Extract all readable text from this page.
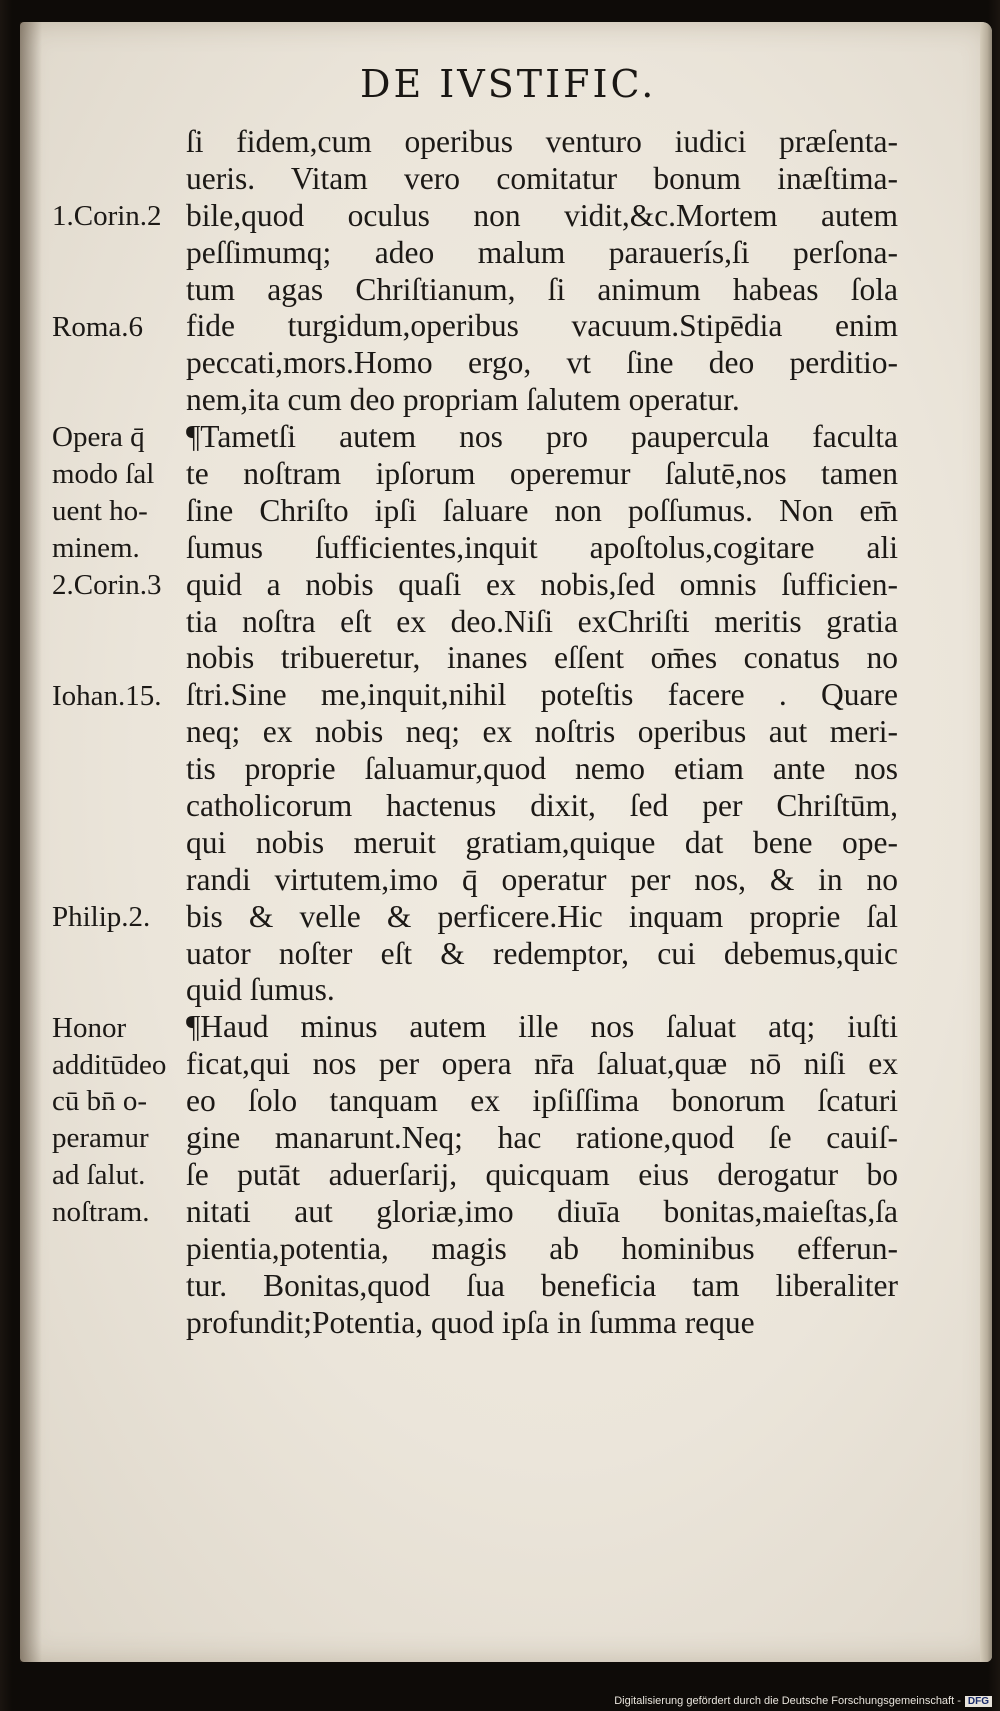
DE IVSTIFIC.
ſi fidem,cum operibus venturo iudici præſenta-
ueris. Vitam vero comitatur bonum inæſtima-
bile,quod oculus non vidit,&c.Mortem autem
peſſimumq; adeo malum parauerís,ſi perſona-
tum agas Chriſtianum, ſi animum habeas ſola
fide turgidum,operibus vacuum.Stipēdia enim
peccati,mors.Homo ergo, vt ſine deo perditio-
nem,ita cum deo propriam ſalutem operatur.
¶Tametſi autem nos pro paupercula faculta
te noſtram ipſorum operemur ſalutē,nos tamen
ſine Chriſto ipſi ſaluare non poſſumus. Non em̄
ſumus ſufficientes,inquit apoſtolus,cogitare ali
quid a nobis quaſi ex nobis,ſed omnis ſufficien-
tia noſtra eſt ex deo.Niſi exChriſti meritis gratia
nobis tribueretur, inanes eſſent om̄es conatus no
ſtri.Sine me,inquit,nihil poteſtis facere . Quare
neq; ex nobis neq; ex noſtris operibus aut meri-
tis proprie ſaluamur,quod nemo etiam ante nos
catholicorum hactenus dixit, ſed per Chriſtūm,
qui nobis meruit gratiam,quique dat bene ope-
randi virtutem,imo q̄ operatur per nos, & in no
bis & velle & perficere.Hic inquam proprie ſal
uator noſter eſt & redemptor, cui debemus,quic
quid ſumus.
¶Haud minus autem ille nos ſaluat atq; iuſti
ficat,qui nos per opera nr̄a ſaluat,quæ nō niſi ex
eo ſolo tanquam ex ipſiſſima bonorum ſcaturi
gine manarunt.Neq; hac ratione,quod ſe cauiſ-
ſe putāt aduerſarij, quicquam eius derogatur bo
nitati aut gloriæ,imo diuīa bonitas,maieſtas,ſa
pientia,potentia, magis ab hominibus efferun-
tur. Bonitas,quod ſua beneficia tam liberaliter
profundit;Potentia, quod ipſa in ſumma reque
1.Corin.2
Roma.6
Opera q̄
modo ſal
uent ho-
minem.
2.Corin.3
Iohan.15.
Philip.2.
Honor
additūdeo
cū bn̄ o-
peramur
ad ſalut.
noſtram.
Digitalisierung gefördert durch die Deutsche Forschungsgemeinschaft - DFG
